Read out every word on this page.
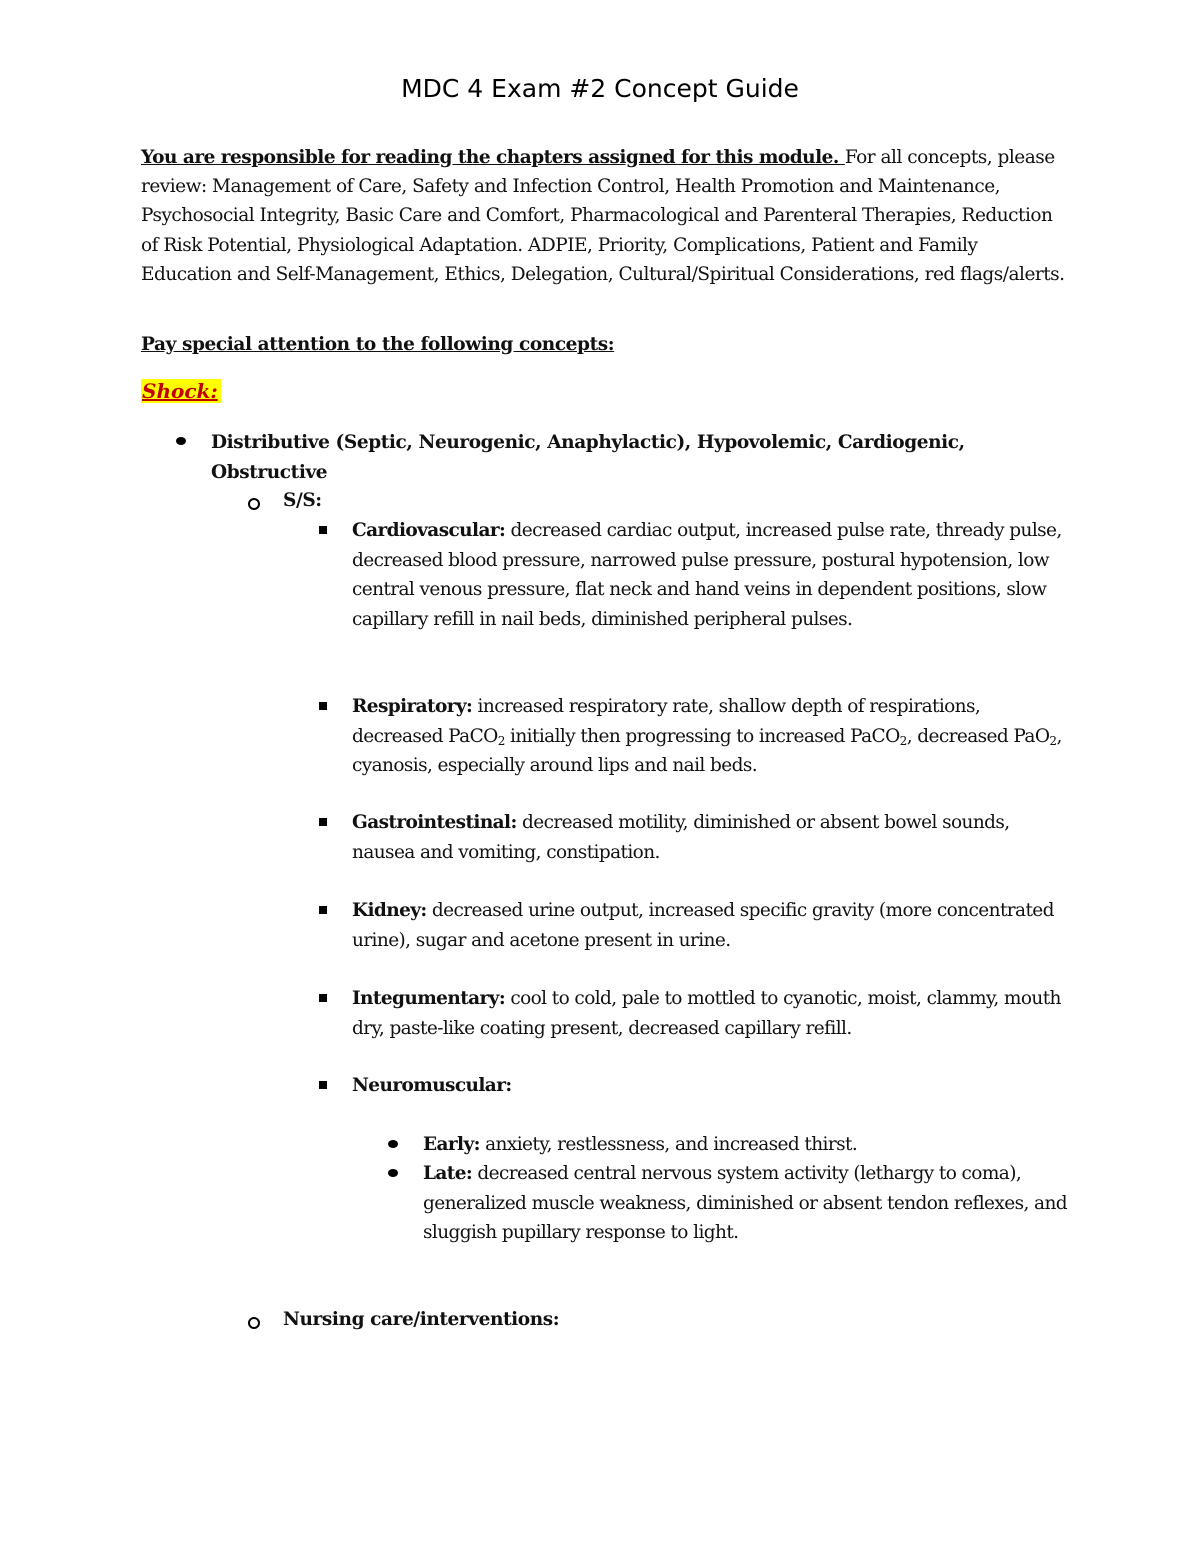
MDC 4 Exam #2 Concept Guide
You are responsible for reading the chapters assigned for this module. For all concepts, please review: Management of Care, Safety and Infection Control, Health Promotion and Maintenance, Psychosocial Integrity, Basic Care and Comfort, Pharmacological and Parenteral Therapies, Reduction of Risk Potential, Physiological Adaptation. ADPIE, Priority, Complications, Patient and Family Education and Self-Management, Ethics, Delegation, Cultural/Spiritual Considerations, red flags/alerts.
Pay special attention to the following concepts:
Shock:
Distributive (Septic, Neurogenic, Anaphylactic), Hypovolemic, Cardiogenic, Obstructive
S/S:
Cardiovascular: decreased cardiac output, increased pulse rate, thready pulse, decreased blood pressure, narrowed pulse pressure, postural hypotension, low central venous pressure, flat neck and hand veins in dependent positions, slow capillary refill in nail beds, diminished peripheral pulses.
Respiratory: increased respiratory rate, shallow depth of respirations, decreased PaCO$_2$ initially then progressing to increased PaCO$_2$, decreased PaO$_2$, cyanosis, especially around lips and nail beds.
Gastrointestinal: decreased motility, diminished or absent bowel sounds, nausea and vomiting, constipation.
Kidney: decreased urine output, increased specific gravity (more concentrated urine), sugar and acetone present in urine.
Integumentary: cool to cold, pale to mottled to cyanotic, moist, clammy, mouth dry, paste-like coating present, decreased capillary refill.
Neuromuscular:
Early: anxiety, restlessness, and increased thirst.
Late: decreased central nervous system activity (lethargy to coma), generalized muscle weakness, diminished or absent tendon reflexes, and sluggish pupillary response to light.
Nursing care/interventions:
